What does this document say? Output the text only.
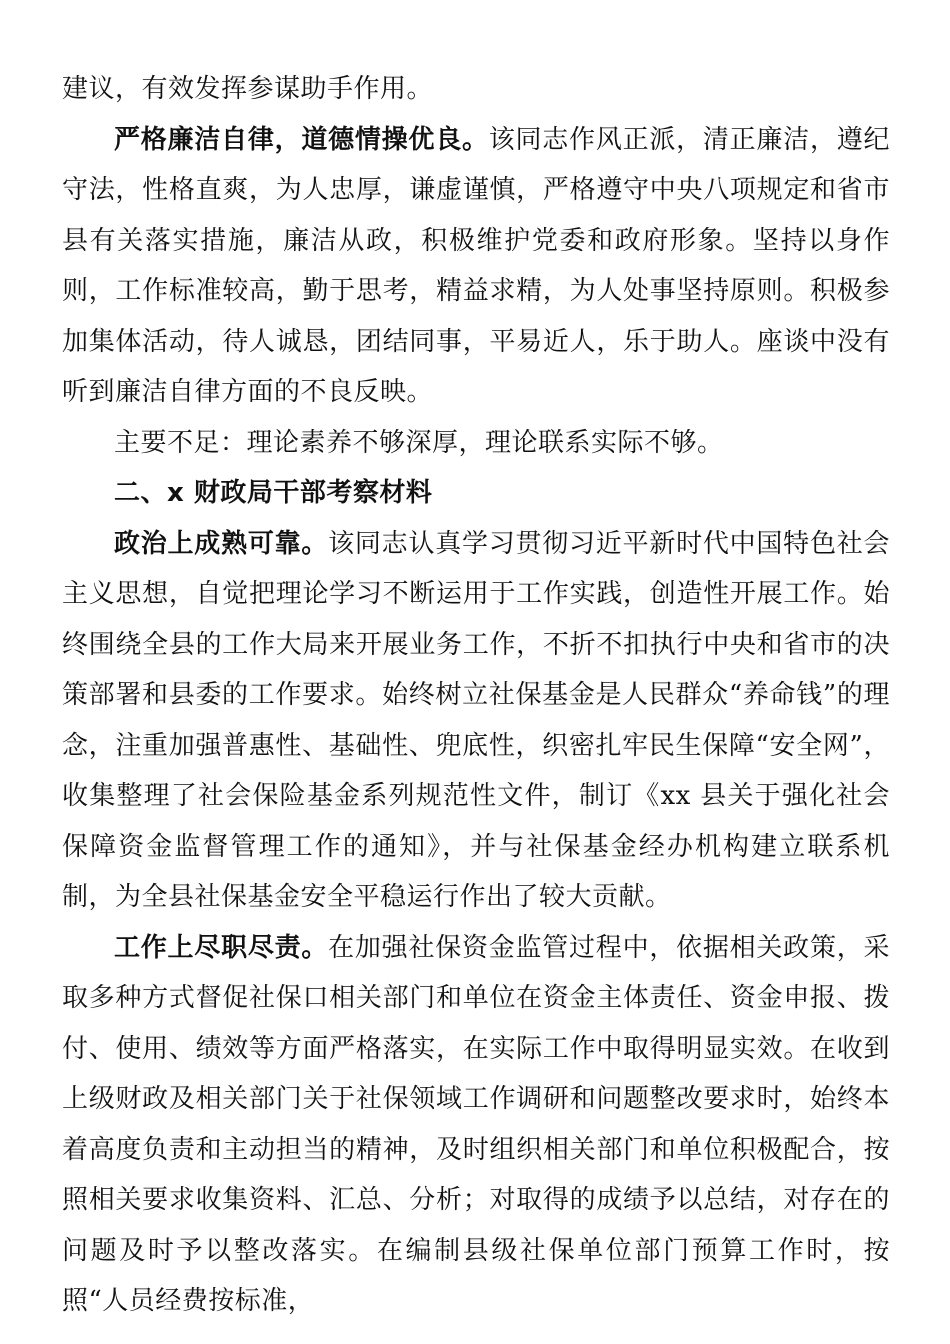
建议，有效发挥参谋助手作用。

严格廉洁自律，道德情操优良。该同志作风正派，清正廉洁，遵纪守法，性格直爽，为人忠厚，谦虚谨慎，严格遵守中央八项规定和省市县有关落实措施，廉洁从政，积极维护党委和政府形象。坚持以身作则，工作标准较高，勤于思考，精益求精，为人处事坚持原则。积极参加集体活动，待人诚恳，团结同事，平易近人，乐于助人。座谈中没有听到廉洁自律方面的不良反映。

主要不足：理论素养不够深厚，理论联系实际不够。

二、x 财政局干部考察材料

政治上成熟可靠。该同志认真学习贯彻习近平新时代中国特色社会主义思想，自觉把理论学习不断运用于工作实践，创造性开展工作。始终围绕全县的工作大局来开展业务工作，不折不扣执行中央和省市的决策部署和县委的工作要求。始终树立社保基金是人民群众“养命钱”的理念，注重加强普惠性、基础性、兜底性，织密扎牢民生保障“安全网”，收集整理了社会保险基金系列规范性文件，制订《xx 县关于强化社会保障资金监督管理工作的通知》，并与社保基金经办机构建立联系机制，为全县社保基金安全平稳运行作出了较大贡献。

工作上尽职尽责。在加强社保资金监管过程中，依据相关政策，采取多种方式督促社保口相关部门和单位在资金主体责任、资金申报、拨付、使用、绩效等方面严格落实，在实际工作中取得明显实效。在收到上级财政及相关部门关于社保领域工作调研和问题整改要求时，始终本着高度负责和主动担当的精神，及时组织相关部门和单位积极配合，按照相关要求收集资料、汇总、分析；对取得的成绩予以总结，对存在的问题及时予以整改落实。在编制县级社保单位部门预算工作时，按照“人员经费按标准，
